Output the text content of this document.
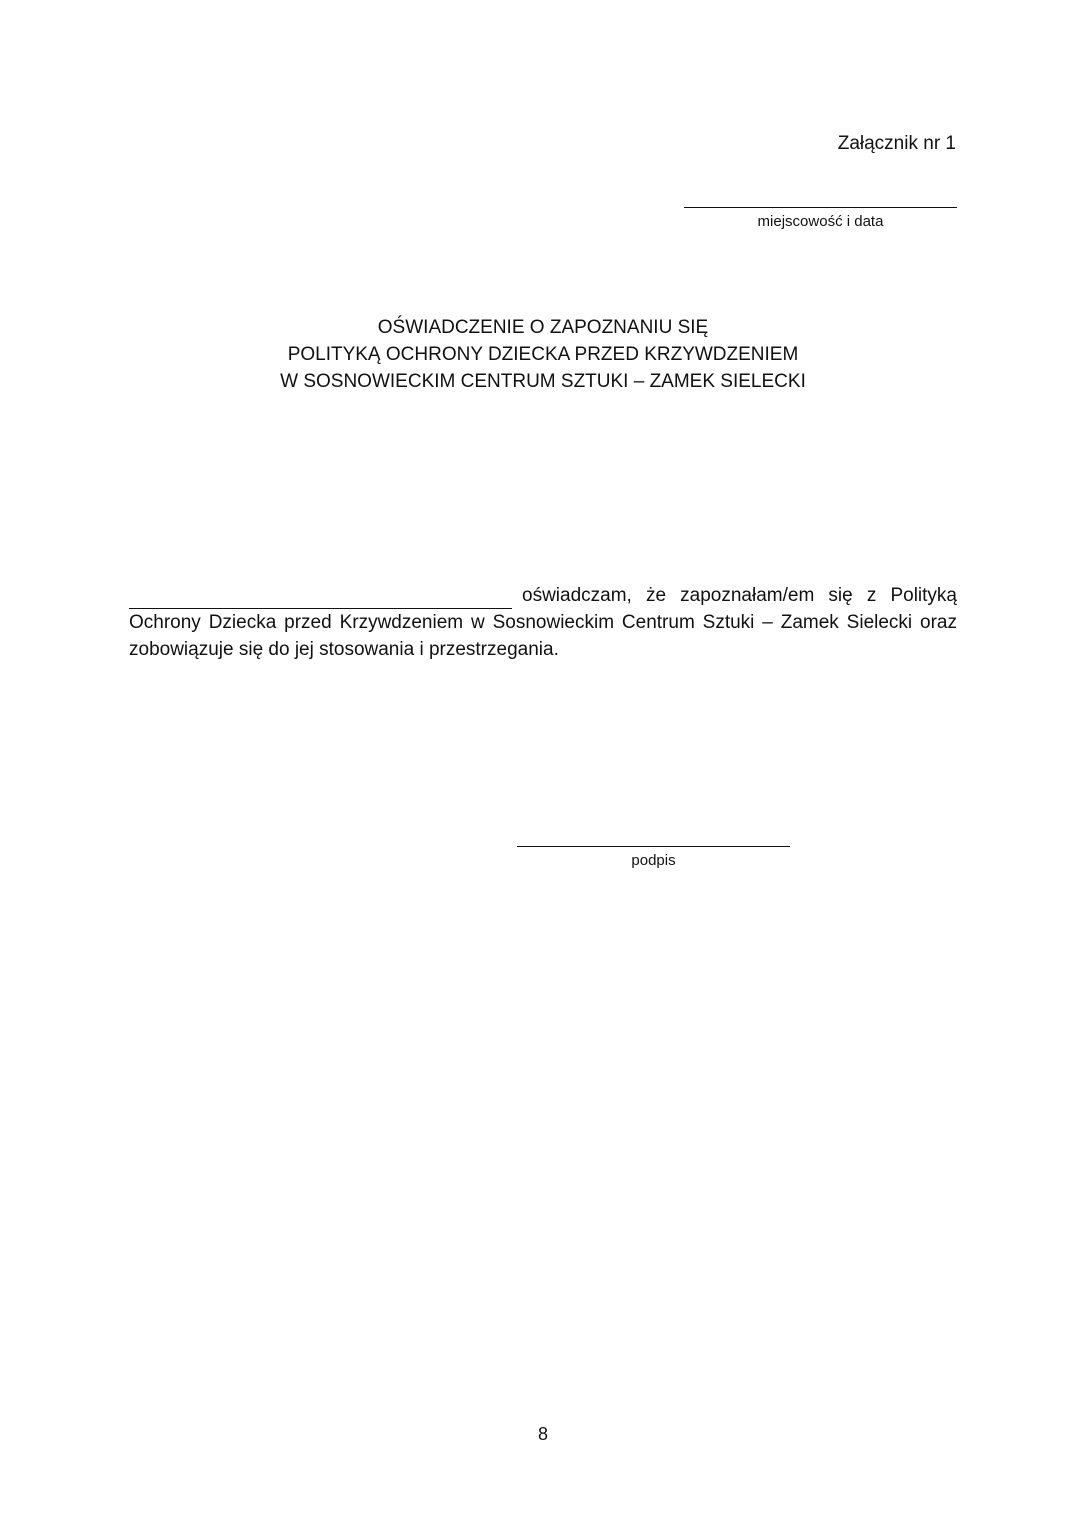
Załącznik nr 1
miejscowość i data
OŚWIADCZENIE O ZAPOZNANIU SIĘ
POLITYKĄ OCHRONY DZIECKA PRZED KRZYWDZENIEM
W SOSNOWIECKIM CENTRUM SZTUKI – ZAMEK SIELECKI
oświadczam, że zapoznałam/em się z Polityką
Ochrony Dziecka przed Krzywdzeniem w Sosnowieckim Centrum Sztuki – Zamek Sielecki oraz
zobowiązuje się do jej stosowania i przestrzegania.
podpis
8
